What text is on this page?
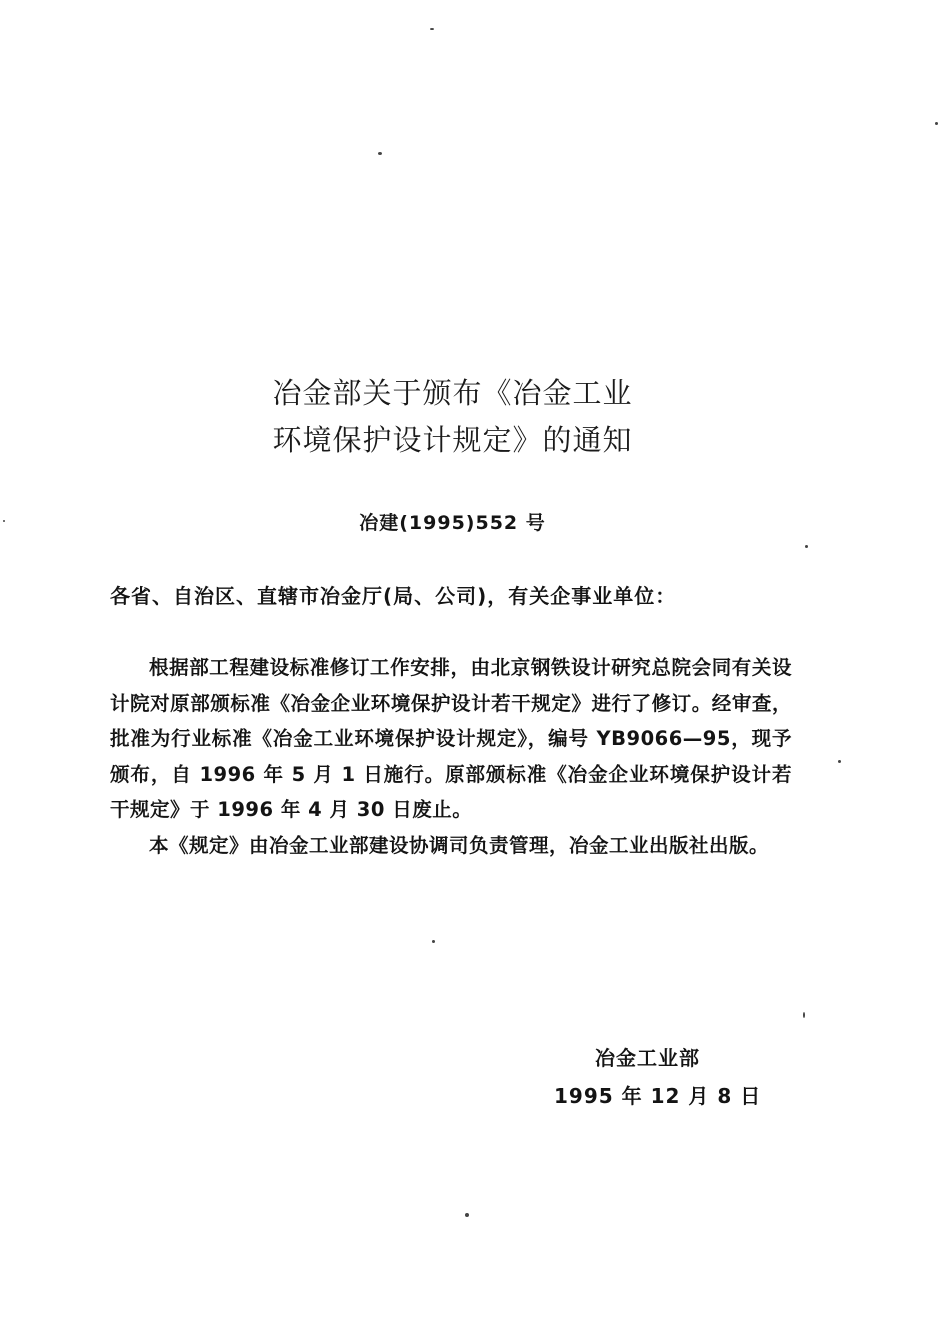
冶金部关于颁布《冶金工业
环境保护设计规定》的通知
冶建(1995)552 号
各省、自治区、直辖市冶金厅(局、公司)，有关企事业单位：

根据部工程建设标准修订工作安排，由北京钢铁设计研究总院会同有关设计院对原部颁标准《冶金企业环境保护设计若干规定》进行了修订。经审查，批准为行业标准《冶金工业环境保护设计规定》，编号 YB9066—95，现予颁布，自 1996 年 5 月 1 日施行。原部颁标准《冶金企业环境保护设计若干规定》于 1996 年 4 月 30 日废止。

本《规定》由冶金工业部建设协调司负责管理，冶金工业出版社出版。

冶金工业部
1995 年 12 月 8 日
